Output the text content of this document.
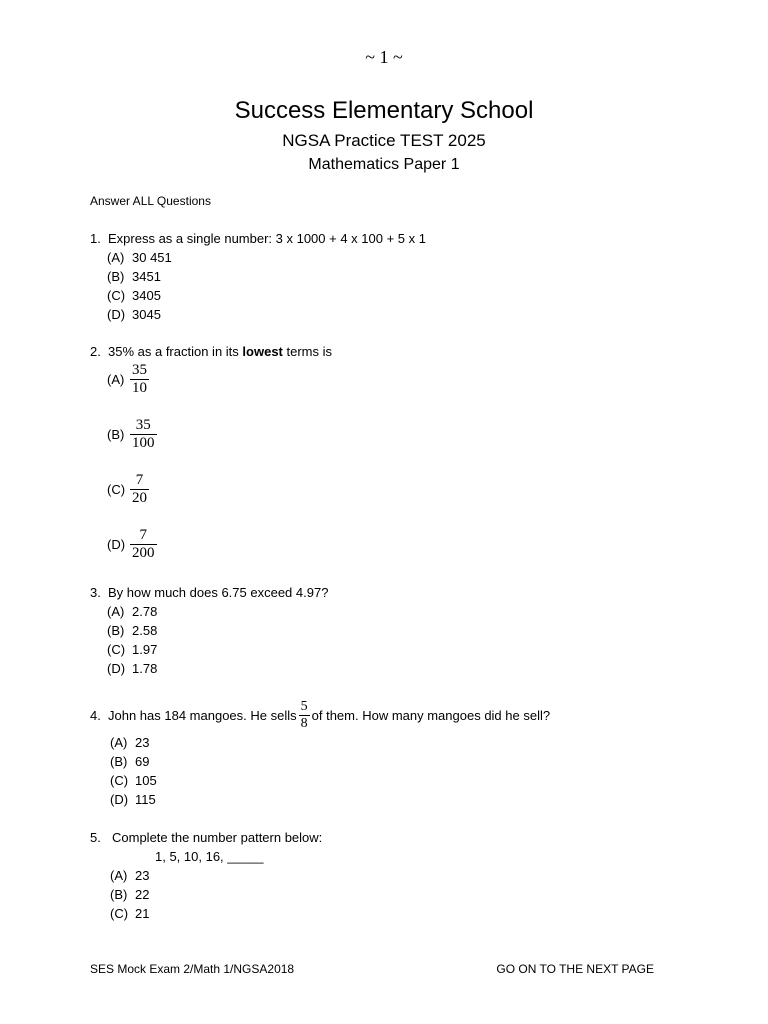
~ 1 ~
Success Elementary School
NGSA Practice TEST 2025
Mathematics Paper 1
Answer ALL Questions
1. Express as a single number: 3 x 1000 + 4 x 100 + 5 x 1
(A) 30 451
(B) 3451
(C) 3405
(D) 3045
2. 35% as a fraction in its lowest terms is
$(A) \frac{35}{10}$
$(B) \frac{35}{100}$
$(C) \frac{7}{20}$
$(D) \frac{7}{200}$
3. By how much does 6.75 exceed 4.97?
(A) 2.78
(B) 2.58
(C) 1.97
(D) 1.78
4. John has 184 mangoes. He sells $\frac{5}{8}$ of them. How many mangoes did he sell?
(A) 23
(B) 69
(C) 105
(D) 115
5. Complete the number pattern below:
1, 5, 10, 16, _____
(A) 23
(B) 22
(C) 21
SES Mock Exam 2/Math 1/NGSA2018	GO ON TO THE NEXT PAGE
